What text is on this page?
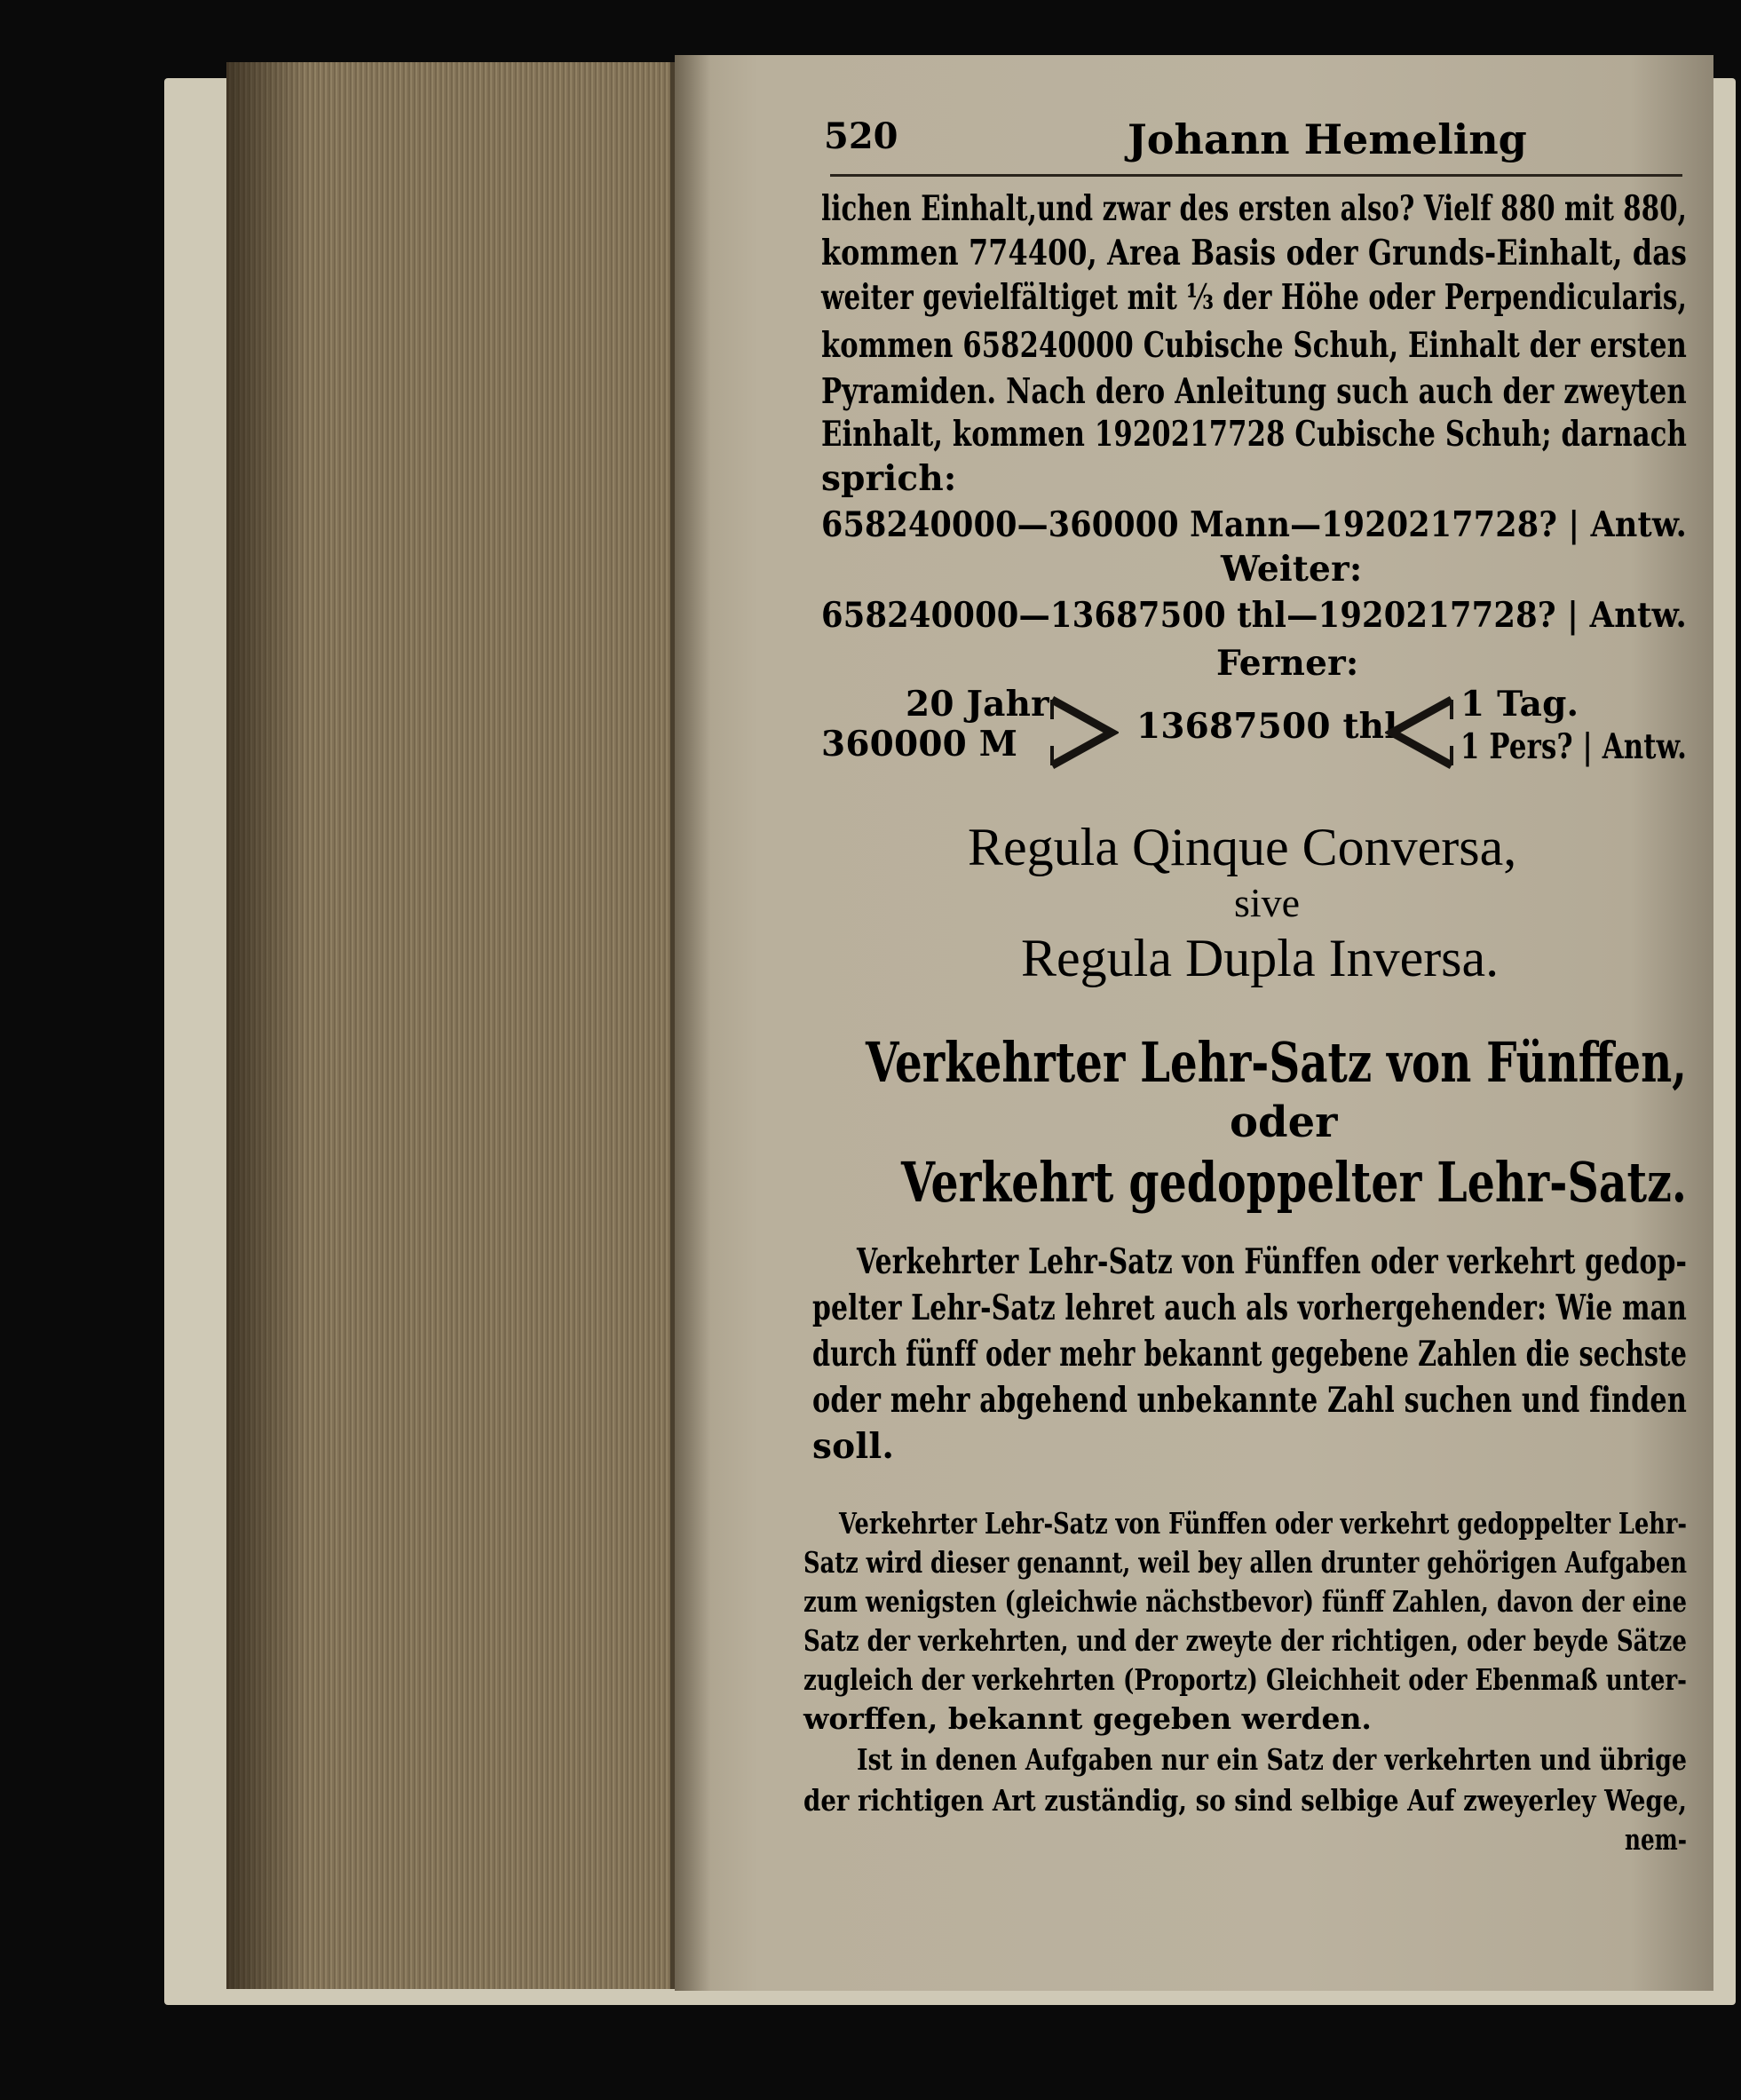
520	Johann Hemeling
lichen Einhalt,und zwar des ersten also? Vielf 880 mit 880,
kommen 774400, Area Basis oder Grunds-Einhalt, das
weiter gevielfältiget mit ⅓ der Höhe oder Perpendicularis,
kommen 658240000 Cubische Schuh, Einhalt der ersten
Pyramiden. Nach dero Anleitung such auch der zweyten
Einhalt, kommen 1920217728 Cubische Schuh; darnach
sprich:
658240000—360000 Mann—1920217728? | Antw.
Weiter:
658240000—13687500 thl—1920217728? | Antw.
Ferner:
20 Jahr
360000 M	13687500 thl
1 Tag.
1 Pers? | Antw.
Regula Qinque Conversa,
sive
Regula Dupla Inversa.
Verkehrter Lehr-Satz von Fünffen,
oder
Verkehrt gedoppelter Lehr-Satz.
Verkehrter Lehr-Satz von Fünffen oder verkehrt gedop-
pelter Lehr-Satz lehret auch als vorhergehender: Wie man
durch fünff oder mehr bekannt gegebene Zahlen die sechste
oder mehr abgehend unbekannte Zahl suchen und finden
soll.
Verkehrter Lehr-Satz von Fünffen oder verkehrt gedoppelter Lehr-
Satz wird dieser genannt, weil bey allen drunter gehörigen Aufgaben
zum wenigsten (gleichwie nächstbevor) fünff Zahlen, davon der eine
Satz der verkehrten, und der zweyte der richtigen, oder beyde Sätze
zugleich der verkehrten (Proportz) Gleichheit oder Ebenmaß unter-
worffen, bekannt gegeben werden.
Ist in denen Aufgaben nur ein Satz der verkehrten und übrige
der richtigen Art zuständig, so sind selbige Auf zweyerley Wege,
nem-
